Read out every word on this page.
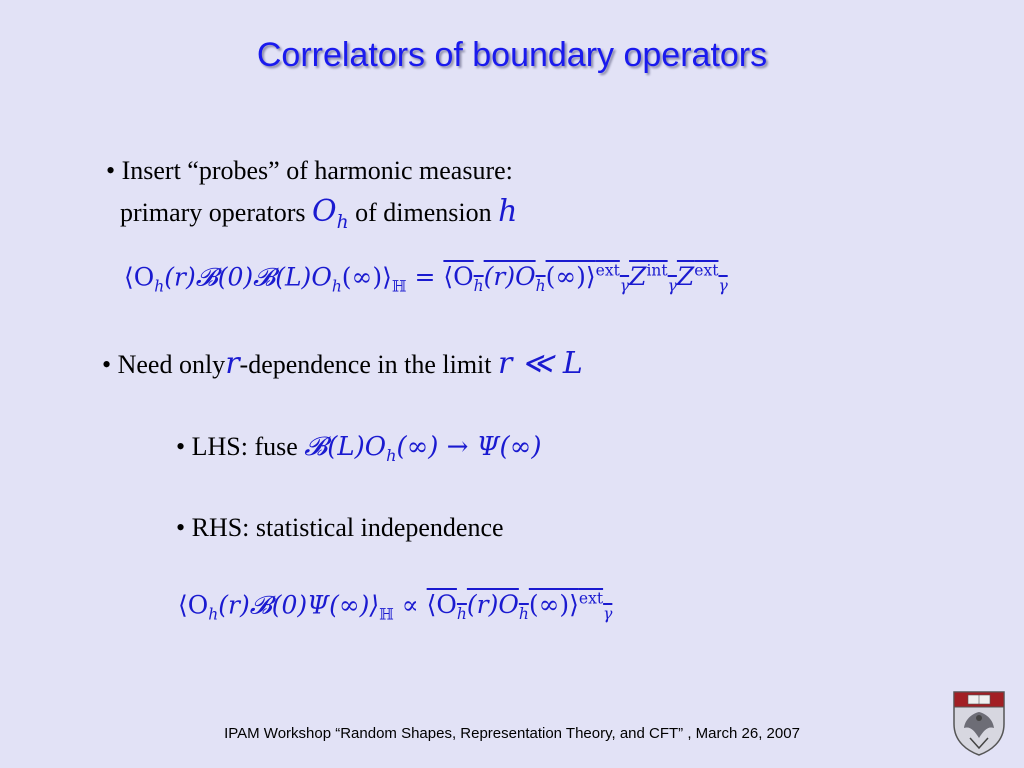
Correlators of boundary operators
• Insert “probes” of harmonic measure:
primary operators $O_h$ of dimension h
$⟨O_h(r)𝓑(0)𝓑(L)O_h(\infty)⟩_ℍ$ = $⟨O_h(r)O_h(\infty)⟩^{ext}_\gamma Z^{int}_\gamma Z^{ext}_\gamma$
• Need onlyr-dependence in the limit r ≪ L
• LHS: fuse $𝓑(L)O_h(\infty) \to \Psi(\infty)$
• RHS: statistical independence
$⟨O_h(r)𝓑(0)\Psi(\infty)⟩_ℍ$ ∝ $⟨O_h(r)O_h(\infty)⟩^{ext}_\gamma$
IPAM Workshop “Random Shapes, Representation Theory, and CFT” , March 26, 2007
